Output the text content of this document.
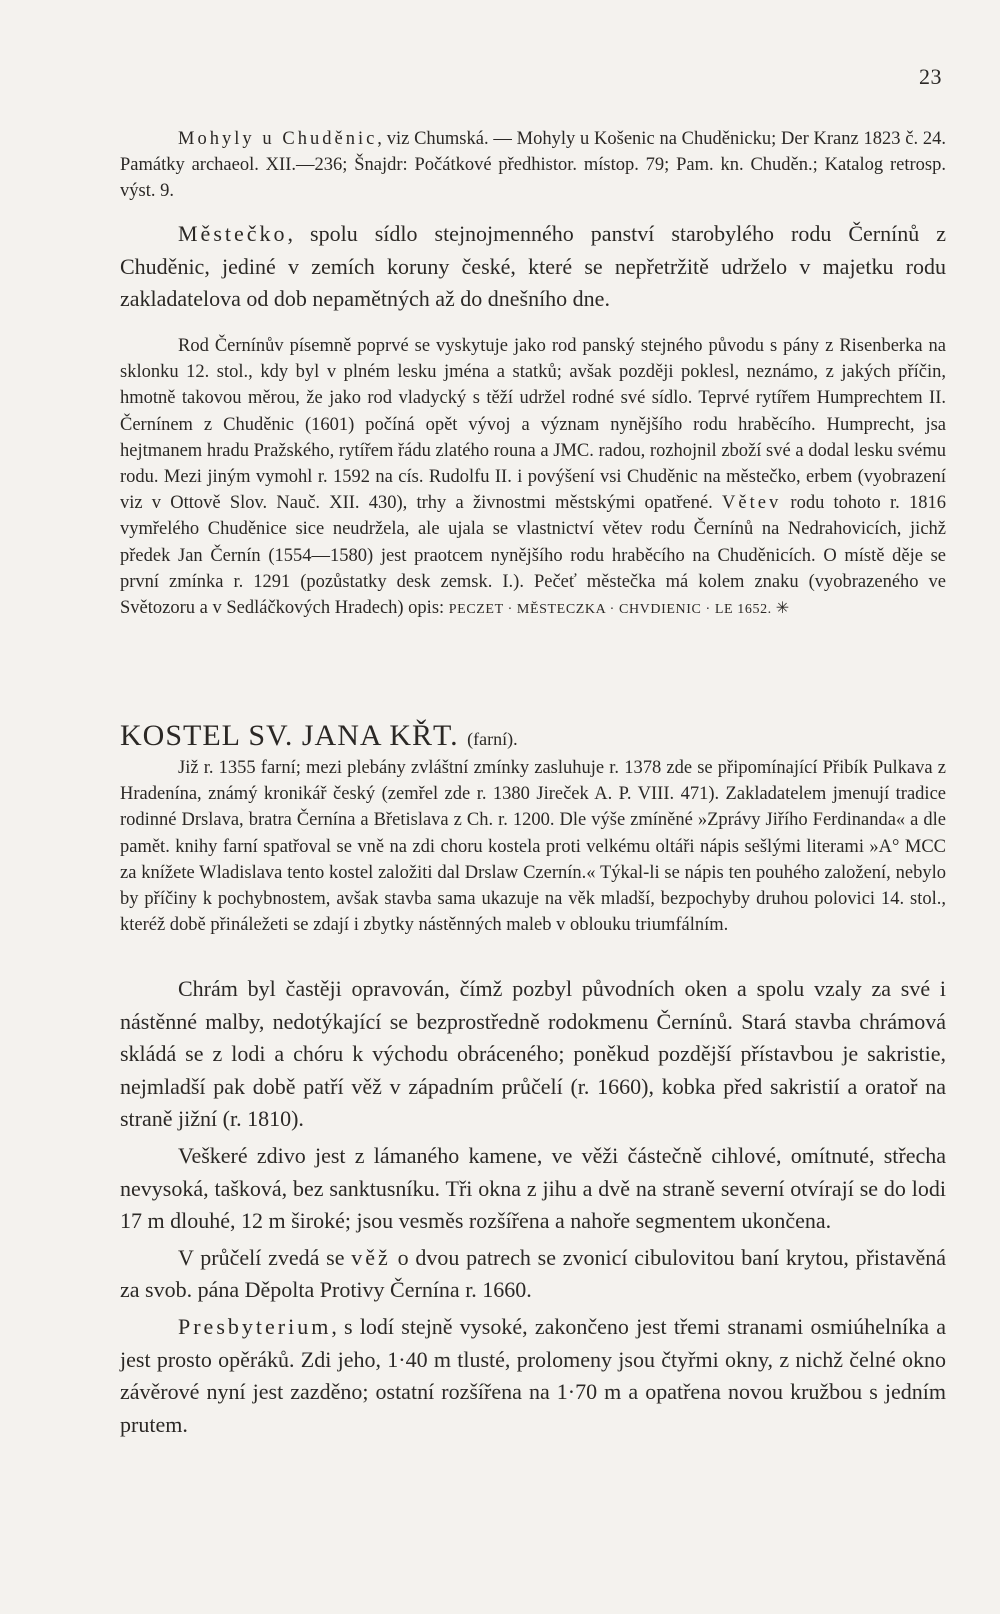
23

Mohyly u Chuděnic, viz Chumská. — Mohyly u Košenic na Chuděnicku; Der Kranz 1823 č. 24. Památky archaeol. XII.—236; Šnajdr: Počátkové předhistor. místop. 79; Pam. kn. Chuděn.; Katalog retrosp. výst. 9.

Městečko, spolu sídlo stejnojmenného panství starobylého rodu Černínů z Chuděnic, jediné v zemích koruny české, které se nepřetržitě udrželo v majetku rodu zakladatelova od dob nepamětných až do dnešního dne.

Rod Černínův písemně poprvé se vyskytuje jako rod panský stejného původu s pány z Risenberka na sklonku 12. stol., kdy byl v plném lesku jména a statků; avšak později poklesl, neznámo, z jakých příčin, hmotně takovou měrou, že jako rod vladycký s těží udržel rodné své sídlo. Teprvé rytířem Humprechtem II. Černínem z Chuděnic (1601) počíná opět vývoj a význam nynějšího rodu hraběcího. Humprecht, jsa hejtmanem hradu Pražského, rytířem řádu zlatého rouna a JMC. radou, rozhojnil zboží své a dodal lesku svému rodu. Mezi jiným vymohl r. 1592 na cís. Rudolfu II. i povýšení vsi Chuděnic na městečko, erbem (vyobrazení viz v Ottově Slov. Nauč. XII. 430), trhy a živnostmi městskými opatřené. Větev rodu tohoto r. 1816 vymřelého Chuděnice sice neudržela, ale ujala se vlastnictví větev rodu Černínů na Nedrahovicích, jichž předek Jan Černín (1554—1580) jest praotcem nynějšího rodu hraběcího na Chuděnicích. O místě děje se první zmínka r. 1291 (pozůstatky desk zemsk. I.). Pečeť městečka má kolem znaku (vyobrazeného ve Světozoru a v Sedláčkových Hradech) opis: PECZET · MĚSTECZKA · CHVDIENIC · LE 1652. ✳

KOSTEL SV. JANA KŘT. (farní).

Již r. 1355 farní; mezi plebány zvláštní zmínky zasluhuje r. 1378 zde se připomínající Přibík Pulkava z Hradenína, známý kronikář český (zemřel zde r. 1380 Jireček A. P. VIII. 471). Zakladatelem jmenují tradice rodinné Drslava, bratra Černína a Břetislava z Ch. r. 1200. Dle výše zmíněné »Zprávy Jiřího Ferdinanda« a dle pamět. knihy farní spatřoval se vně na zdi choru kostela proti velkému oltáři nápis sešlými literami »A° MCC za knížete Wladislava tento kostel založiti dal Drslaw Czernín.« Týkal-li se nápis ten pouhého založení, nebylo by příčiny k pochybnostem, avšak stavba sama ukazuje na věk mladší, bezpochyby druhou polovici 14. stol., kteréž době přináležeti se zdají i zbytky nástěnných maleb v oblouku triumfálním.

Chrám byl častěji opravován, čímž pozbyl původních oken a spolu vzaly za své i nástěnné malby, nedotýkající se bezprostředně rodokmenu Černínů. Stará stavba chrámová skládá se z lodi a chóru k východu obráceného; poněkud pozdější přístavbou je sakristie, nejmladší pak době patří věž v západním průčelí (r. 1660), kobka před sakristií a oratoř na straně jižní (r. 1810).

Veškeré zdivo jest z lámaného kamene, ve věži částečně cihlové, omítnuté, střecha nevysoká, tašková, bez sanktusníku. Tři okna z jihu a dvě na straně severní otvírají se do lodi 17 m dlouhé, 12 m široké; jsou vesměs rozšířena a nahoře segmentem ukončena.

V průčelí zvedá se věž o dvou patrech se zvonicí cibulovitou baní krytou, přistavěná za svob. pána Děpolta Protivy Černína r. 1660.

Presbyterium, s lodí stejně vysoké, zakončeno jest třemi stranami osmiúhelníka a jest prosto opěráků. Zdi jeho, 1·40 m tlusté, prolomeny jsou čtyřmi okny, z nichž čelné okno závěrové nyní jest zazděno; ostatní rozšířena na 1·70 m a opatřena novou kružbou s jedním prutem.
